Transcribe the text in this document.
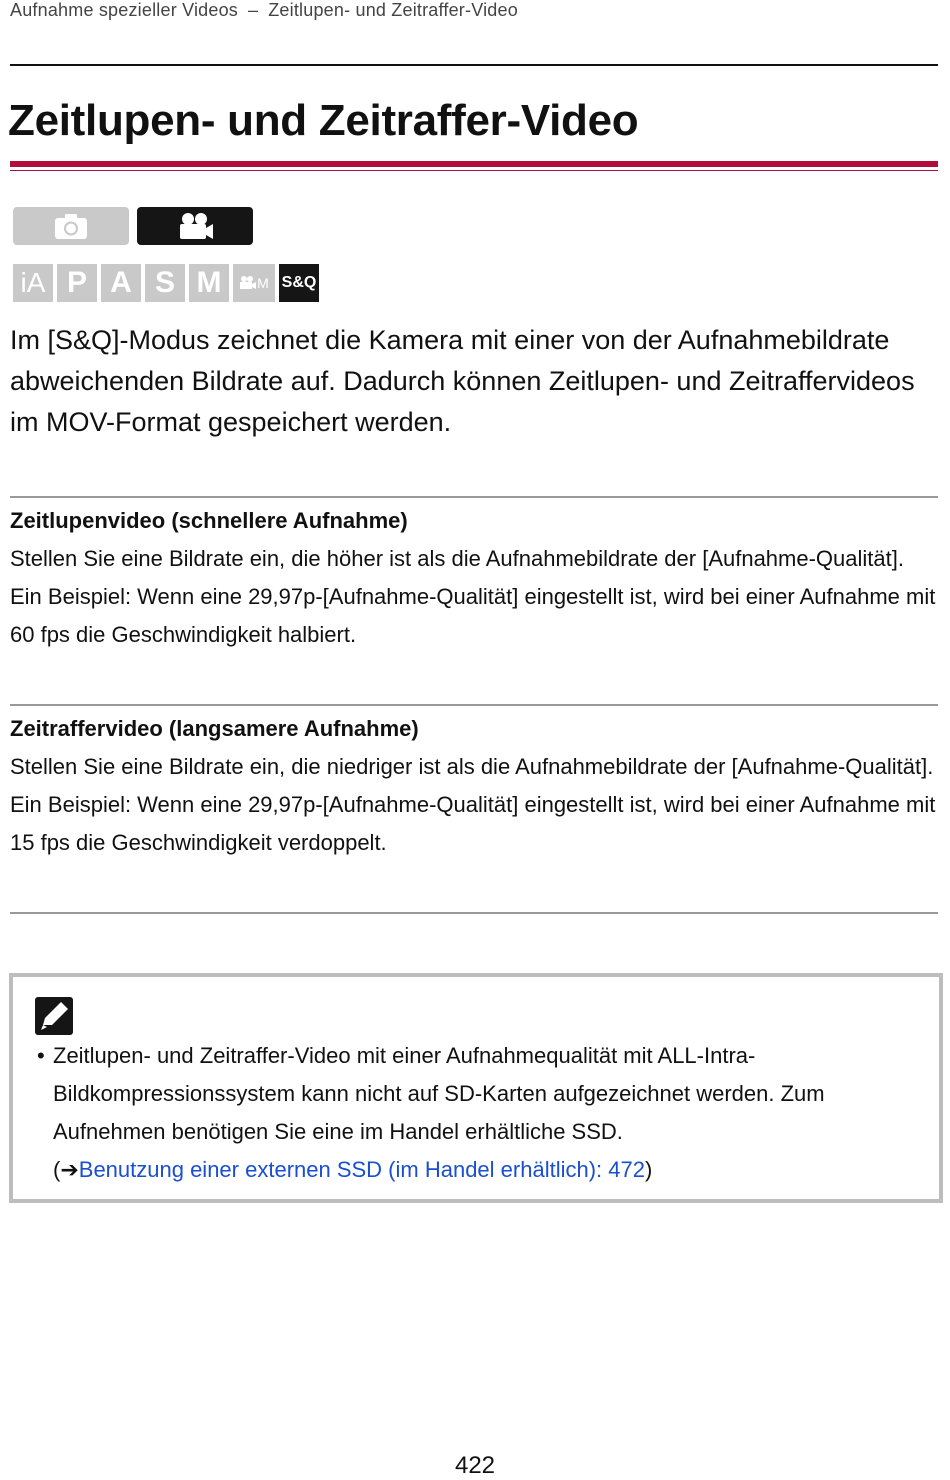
Aufnahme spezieller Videos – Zeitlupen- und Zeitraffer-Video
Zeitlupen- und Zeitraffer-Video
iA P A S M	M S&Q

Im [S&Q]-Modus zeichnet die Kamera mit einer von der Aufnahmebildrate abweichenden Bildrate auf. Dadurch können Zeitlupen- und Zeitraffervideos im MOV-Format gespeichert werden.

Zeitlupenvideo (schnellere Aufnahme)

Stellen Sie eine Bildrate ein, die höher ist als die Aufnahmebildrate der [Aufnahme-Qualität].

Ein Beispiel: Wenn eine 29,97p-[Aufnahme-Qualität] eingestellt ist, wird bei einer Aufnahme mit 60 fps die Geschwindigkeit halbiert.

Zeitraffervideo (langsamere Aufnahme)

Stellen Sie eine Bildrate ein, die niedriger ist als die Aufnahmebildrate der [Aufnahme-Qualität].

Ein Beispiel: Wenn eine 29,97p-[Aufnahme-Qualität] eingestellt ist, wird bei einer Aufnahme mit 15 fps die Geschwindigkeit verdoppelt.

• Zeitlupen- und Zeitraffer-Video mit einer Aufnahmequalität mit ALL-Intra-Bildkompressionssystem kann nicht auf SD-Karten aufgezeichnet werden. Zum Aufnehmen benötigen Sie eine im Handel erhältliche SSD.
(➔Benutzung einer externen SSD (im Handel erhältlich): 472)
422
